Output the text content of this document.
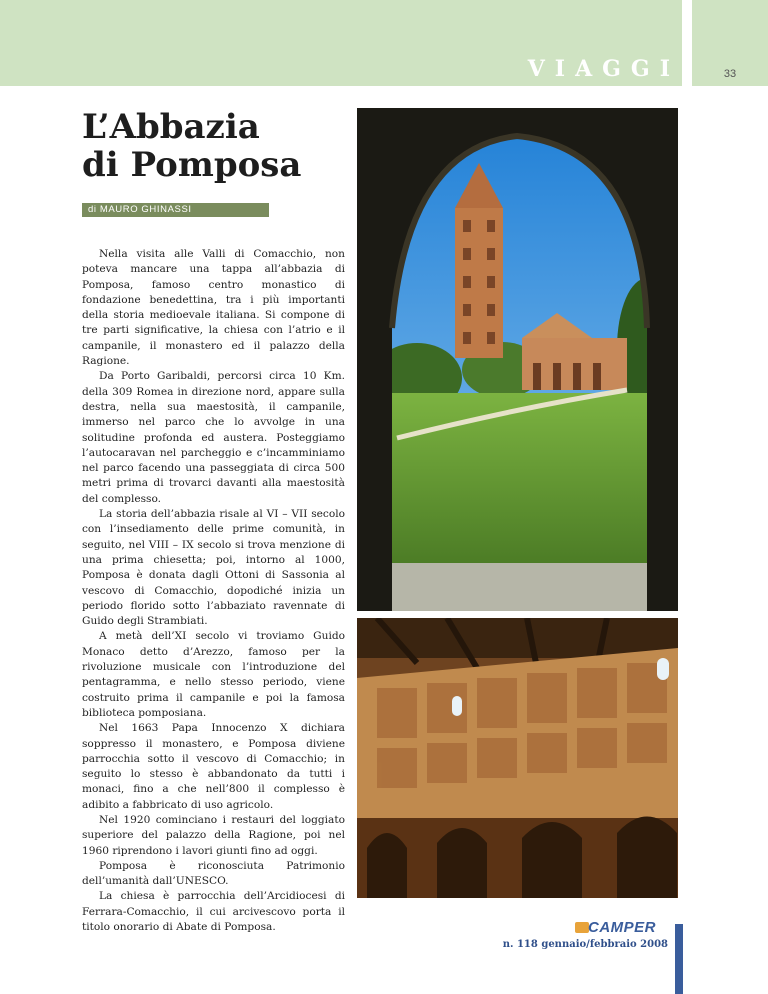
VIAGGI	33
L’Abbazia
di Pomposa
di MAURO GHINASSI

Nella visita alle Valli di Comacchio, non poteva mancare una tappa all’abbazia di Pomposa, famoso centro monastico di fondazione benedettina, tra i più importanti della storia medioevale italiana. Si compone di tre parti significative, la chiesa con l’atrio e il campanile, il monastero ed il palazzo della Ragione.

Da Porto Garibaldi, percorsi circa 10 Km. della 309 Romea in direzione nord, appare sulla destra, nella sua maestosità, il campanile, immerso nel parco che lo avvolge in una solitudine profonda ed austera. Posteggiamo l’autocaravan nel parcheggio e c’incamminiamo nel parco facendo una passeggiata di circa 500 metri prima di trovarci davanti alla maestosità del complesso.

La storia dell’abbazia risale al VI – VII secolo con l’insediamento delle prime comunità, in seguito, nel VIII – IX secolo si trova menzione di una prima chiesetta; poi, intorno al 1000, Pomposa è donata dagli Ottoni di Sassonia al vescovo di Comacchio, dopodiché inizia un periodo florido sotto l’abbaziato ravennate di Guido degli Strambiati.

A metà dell’XI secolo vi troviamo Guido Monaco detto d’Arezzo, famoso per la rivoluzione musicale con l’introduzione del pentagramma, e nello stesso periodo, viene costruito prima il campanile e poi la famosa biblioteca pomposiana.

Nel 1663 Papa Innocenzo X dichiara soppresso il monastero, e Pomposa diviene parrocchia sotto il vescovo di Comacchio; in seguito lo stesso è abbandonato da tutti i monaci, fino a che nell’800 il complesso è adibito a fabbricato di uso agricolo.

Nel 1920 cominciano i restauri del loggiato superiore del palazzo della Ragione, poi nel 1960 riprendono i lavori giunti fino ad oggi.

Pomposa è riconosciuta Patrimonio dell’umanità dall’UNESCO.

La chiesa è parrocchia dell’Arcidiocesi di Ferrara-Comacchio, il cui arcivescovo porta il titolo onorario di Abate di Pomposa.	CAMPER
n. 118 gennaio/febbraio 2008
